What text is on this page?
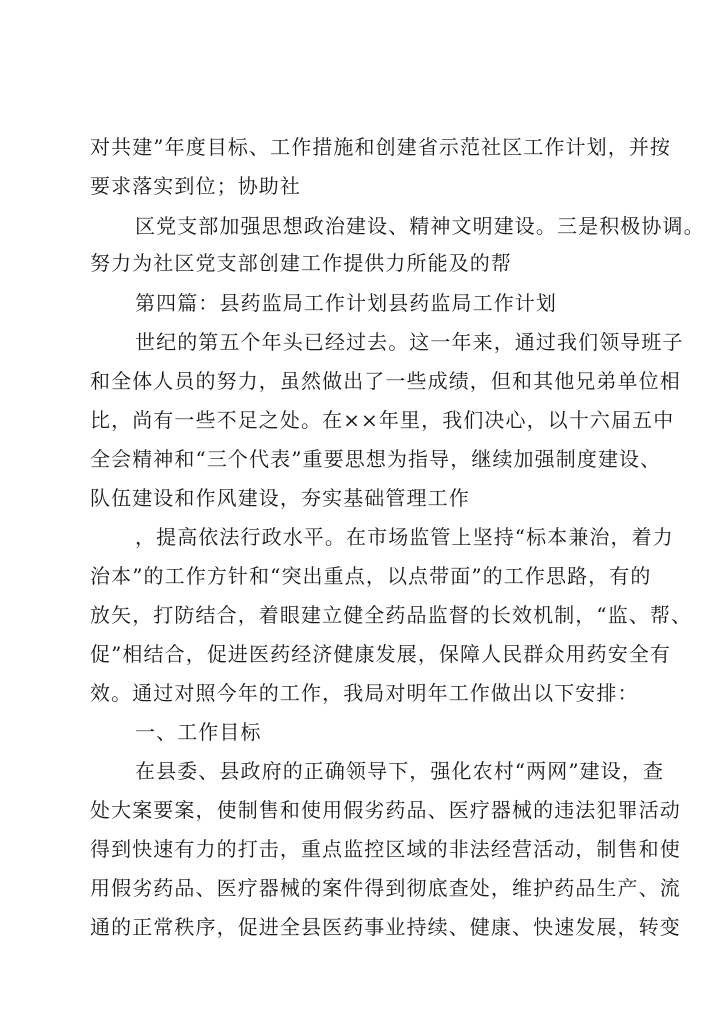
对共建”年度目标、工作措施和创建省示范社区工作计划，并按
要求落实到位；协助社
区党支部加强思想政治建设、精神文明建设。三是积极协调。
努力为社区党支部创建工作提供力所能及的帮
第四篇：县药监局工作计划县药监局工作计划
世纪的第五个年头已经过去。这一年来，通过我们领导班子
和全体人员的努力，虽然做出了一些成绩，但和其他兄弟单位相
比，尚有一些不足之处。在××年里，我们决心，以十六届五中
全会精神和“三个代表”重要思想为指导，继续加强制度建设、
队伍建设和作风建设，夯实基础管理工作
，提高依法行政水平。在市场监管上坚持“标本兼治，着力
治本”的工作方针和“突出重点，以点带面”的工作思路，有的
放矢，打防结合，着眼建立健全药品监督的长效机制，“监、帮、
促”相结合，促进医药经济健康发展，保障人民群众用药安全有
效。通过对照今年的工作，我局对明年工作做出以下安排：
一、工作目标
在县委、县政府的正确领导下，强化农村“两网”建设，查
处大案要案，使制售和使用假劣药品、医疗器械的违法犯罪活动
得到快速有力的打击，重点监控区域的非法经营活动，制售和使
用假劣药品、医疗器械的案件得到彻底查处，维护药品生产、流
通的正常秩序，促进全县医药事业持续、健康、快速发展，转变
